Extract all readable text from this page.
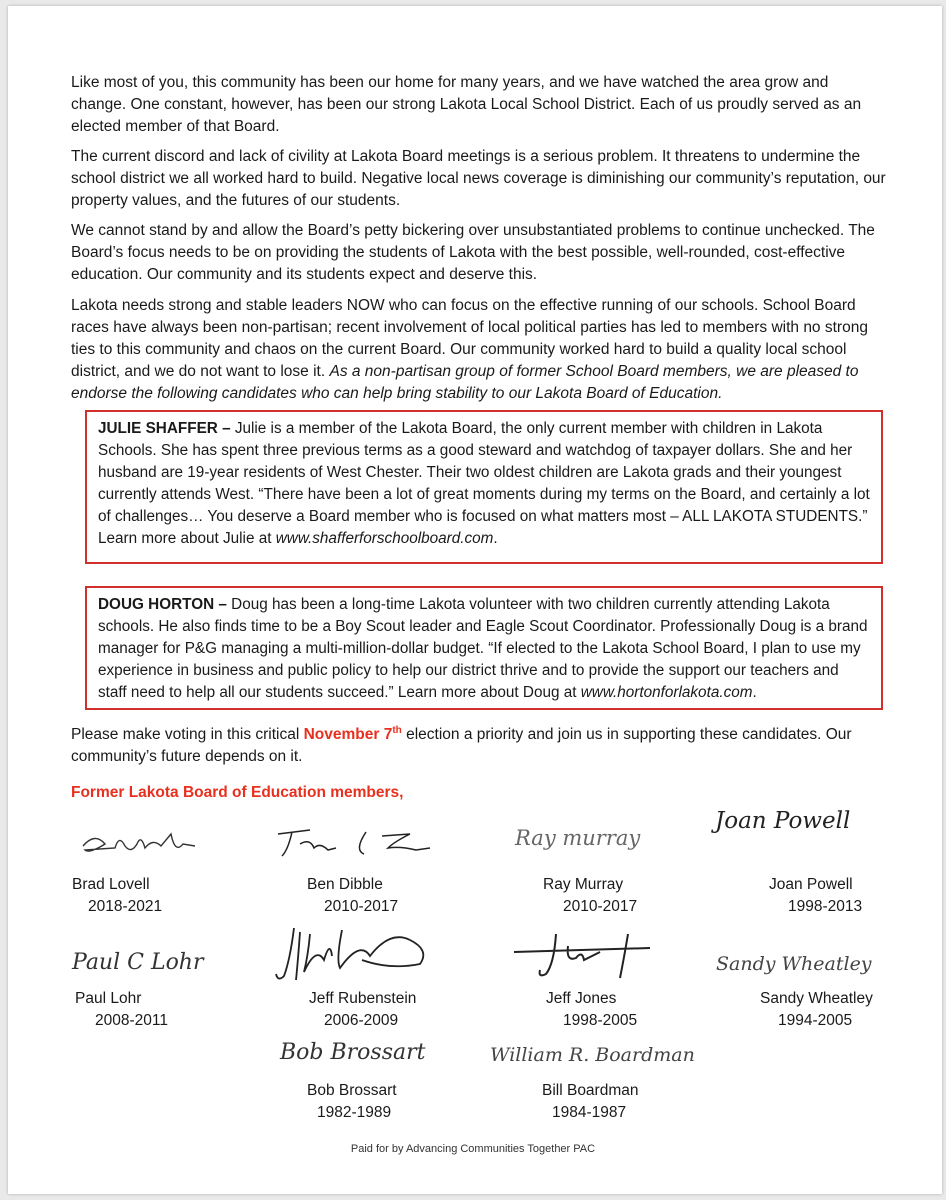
Like most of you, this community has been our home for many years, and we have watched the area grow and change. One constant, however, has been our strong Lakota Local School District. Each of us proudly served as an elected member of that Board.

The current discord and lack of civility at Lakota Board meetings is a serious problem. It threatens to undermine the school district we all worked hard to build. Negative local news coverage is diminishing our community’s reputation, our property values, and the futures of our students.

We cannot stand by and allow the Board’s petty bickering over unsubstantiated problems to continue unchecked. The Board’s focus needs to be on providing the students of Lakota with the best possible, well-rounded, cost-effective education. Our community and its students expect and deserve this.

Lakota needs strong and stable leaders NOW who can focus on the effective running of our schools. School Board races have always been non-partisan; recent involvement of local political parties has led to members with no strong ties to this community and chaos on the current Board. Our community worked hard to build a quality local school district, and we do not want to lose it. As a non-partisan group of former School Board members, we are pleased to endorse the following candidates who can help bring stability to our Lakota Board of Education.

JULIE SHAFFER – Julie is a member of the Lakota Board, the only current member with children in Lakota Schools. She has spent three previous terms as a good steward and watchdog of taxpayer dollars. She and her husband are 19-year residents of West Chester. Their two oldest children are Lakota grads and their youngest currently attends West. “There have been a lot of great moments during my terms on the Board, and certainly a lot of challenges… You deserve a Board member who is focused on what matters most – ALL LAKOTA STUDENTS.” Learn more about Julie at www.shafferforschoolboard.com.
DOUG HORTON – Doug has been a long-time Lakota volunteer with two children currently attending Lakota schools. He also finds time to be a Boy Scout leader and Eagle Scout Coordinator. Professionally Doug is a brand manager for P&G managing a multi-million-dollar budget. “If elected to the Lakota School Board, I plan to use my experience in business and public policy to help our district thrive and to provide the support our teachers and staff need to help all our students succeed.” Learn more about Doug at www.hortonforlakota.com.

Please make voting in this critical November 7th election a priority and join us in supporting these candidates. Our community’s future depends on it.

Former Lakota Board of Education members,
Ray murray
Joan Powell
Brad Lovell
2018-2021
Ben Dibble
2010-2017
Ray Murray
2010-2017
Joan Powell
1998-2013
Paul C Lohr	Sandy Wheatley
Paul Lohr
2008-2011
Jeff Rubenstein
2006-2009
Jeff Jones
1998-2005
Sandy Wheatley
1994-2005
Bob Brossart	William R. Boardman
Bob Brossart
1982-1989
Bill Boardman
1984-1987
Paid for by Advancing Communities Together PAC
